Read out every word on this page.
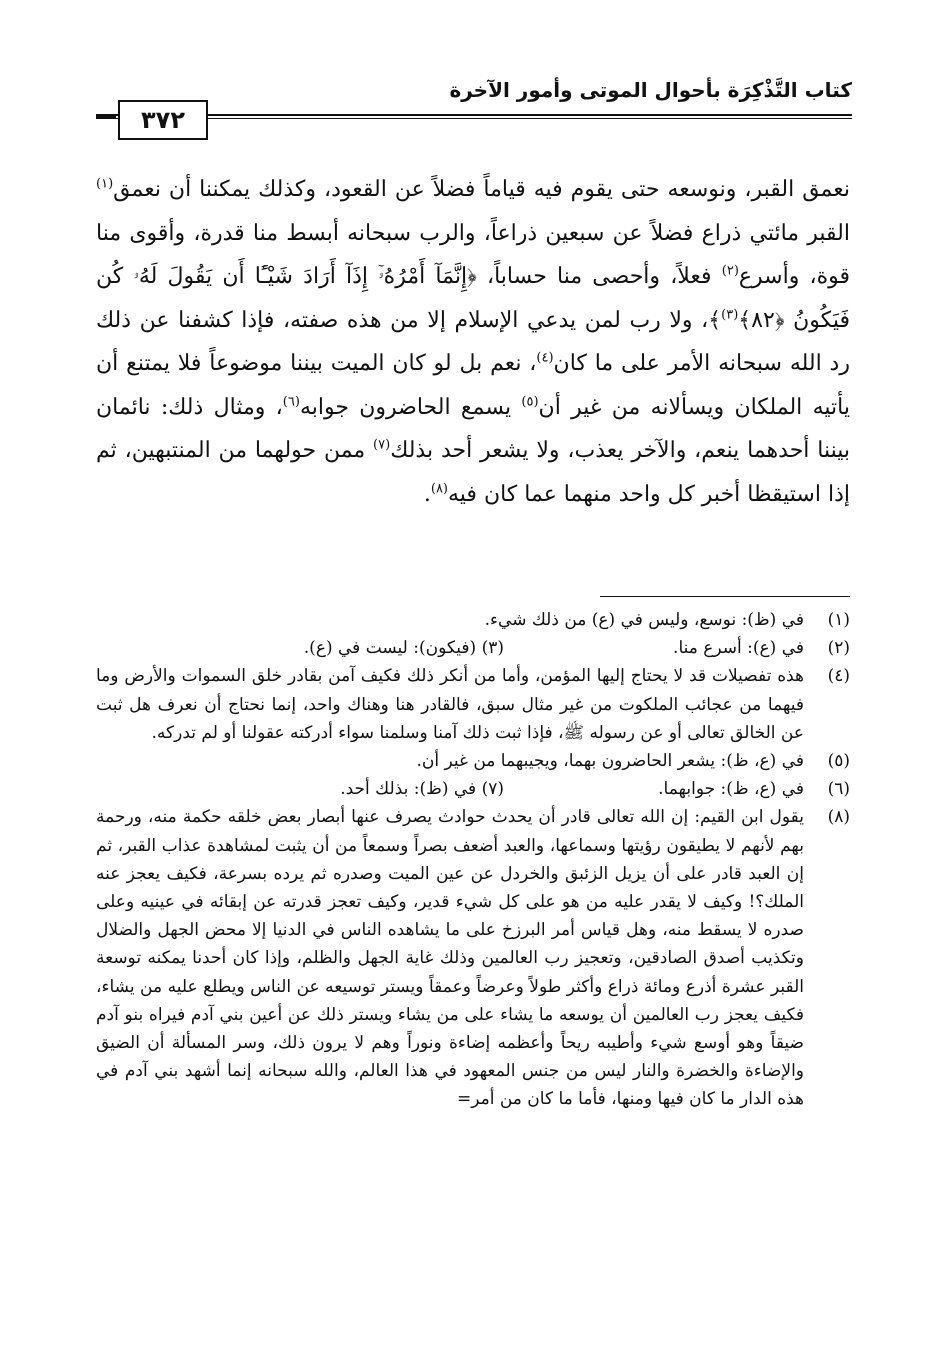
كتاب التَّذْكِرَة بأحوال الموتى وأمور الآخرة
٣٧٢

نعمق القبر، ونوسعه حتى يقوم فيه قياماً فضلاً عن القعود، وكذلك يمكننا أن نعمق$^{(١)}$ القبر مائتي ذراع فضلاً عن سبعين ذراعاً، والرب سبحانه أبسط منا قدرة، وأقوى منا قوة، وأسرع$^{(٢)}$ فعلاً، وأحصى منا حساباً، ﴿إِنَّمَآ أَمْرُهُۥٓ إِذَآ أَرَادَ شَيْـًٔا أَن يَقُولَ لَهُۥ كُن فَيَكُونُ ﴿٨٢﴾$^{(٣)}$﴾، ولا رب لمن يدعي الإسلام إلا من هذه صفته، فإذا كشفنا عن ذلك رد الله سبحانه الأمر على ما كان$^{(٤)}$، نعم بل لو كان الميت بيننا موضوعاً فلا يمتنع أن يأتيه الملكان ويسألانه من غير أن$^{(٥)}$ يسمع الحاضرون جوابه$^{(٦)}$، ومثال ذلك: نائمان بيننا أحدهما ينعم، والآخر يعذب، ولا يشعر أحد بذلك$^{(٧)}$ ممن حولهما من المنتبهين، ثم إذا استيقظا أخبر كل واحد منهما عما كان فيه$^{(٨)}$.

(١)
في (ظ): نوسع، وليس في (ع) من ذلك شيء.
(٢)
في (ع): أسرع منا.
(٣) (فيكون): ليست في (ع).
(٤)
هذه تفصيلات قد لا يحتاج إليها المؤمن، وأما من أنكر ذلك فكيف آمن بقادر خلق السموات والأرض وما فيهما من عجائب الملكوت من غير مثال سبق، فالقادر هنا وهناك واحد، إنما نحتاج أن نعرف هل ثبت عن الخالق تعالى أو عن رسوله ﷺ، فإذا ثبت ذلك آمنا وسلمنا سواء أدركته عقولنا أو لم تدركه.
(٥)
في (ع، ظ): يشعر الحاضرون بهما، ويجيبهما من غير أن.
(٦)
في (ع، ظ): جوابهما.
(٧) في (ظ): بذلك أحد.
(٨)
يقول ابن القيم: إن الله تعالى قادر أن يحدث حوادث يصرف عنها أبصار بعض خلقه حكمة منه، ورحمة بهم لأنهم لا يطيقون رؤيتها وسماعها، والعبد أضعف بصراً وسمعاً من أن يثبت لمشاهدة عذاب القبر، ثم إن العبد قادر على أن يزيل الزئبق والخردل عن عين الميت وصدره ثم يرده بسرعة، فكيف يعجز عنه الملك؟! وكيف لا يقدر عليه من هو على كل شيء قدير، وكيف تعجز قدرته عن إبقائه في عينيه وعلى صدره لا يسقط منه، وهل قياس أمر البرزخ على ما يشاهده الناس في الدنيا إلا محض الجهل والضلال وتكذيب أصدق الصادقين، وتعجيز رب العالمين وذلك غاية الجهل والظلم، وإذا كان أحدنا يمكنه توسعة القبر عشرة أذرع ومائة ذراع وأكثر طولاً وعرضاً وعمقاً ويستر توسيعه عن الناس ويطلع عليه من يشاء، فكيف يعجز رب العالمين أن يوسعه ما يشاء على من يشاء ويستر ذلك عن أعين بني آدم فيراه بنو آدم ضيقاً وهو أوسع شيء وأطيبه ريحاً وأعظمه إضاءة ونوراً وهم لا يرون ذلك، وسر المسألة أن الضيق والإضاءة والخضرة والنار ليس من جنس المعهود في هذا العالم، والله سبحانه إنما أشهد بني آدم في هذه الدار ما كان فيها ومنها، فأما ما كان من أمر=
